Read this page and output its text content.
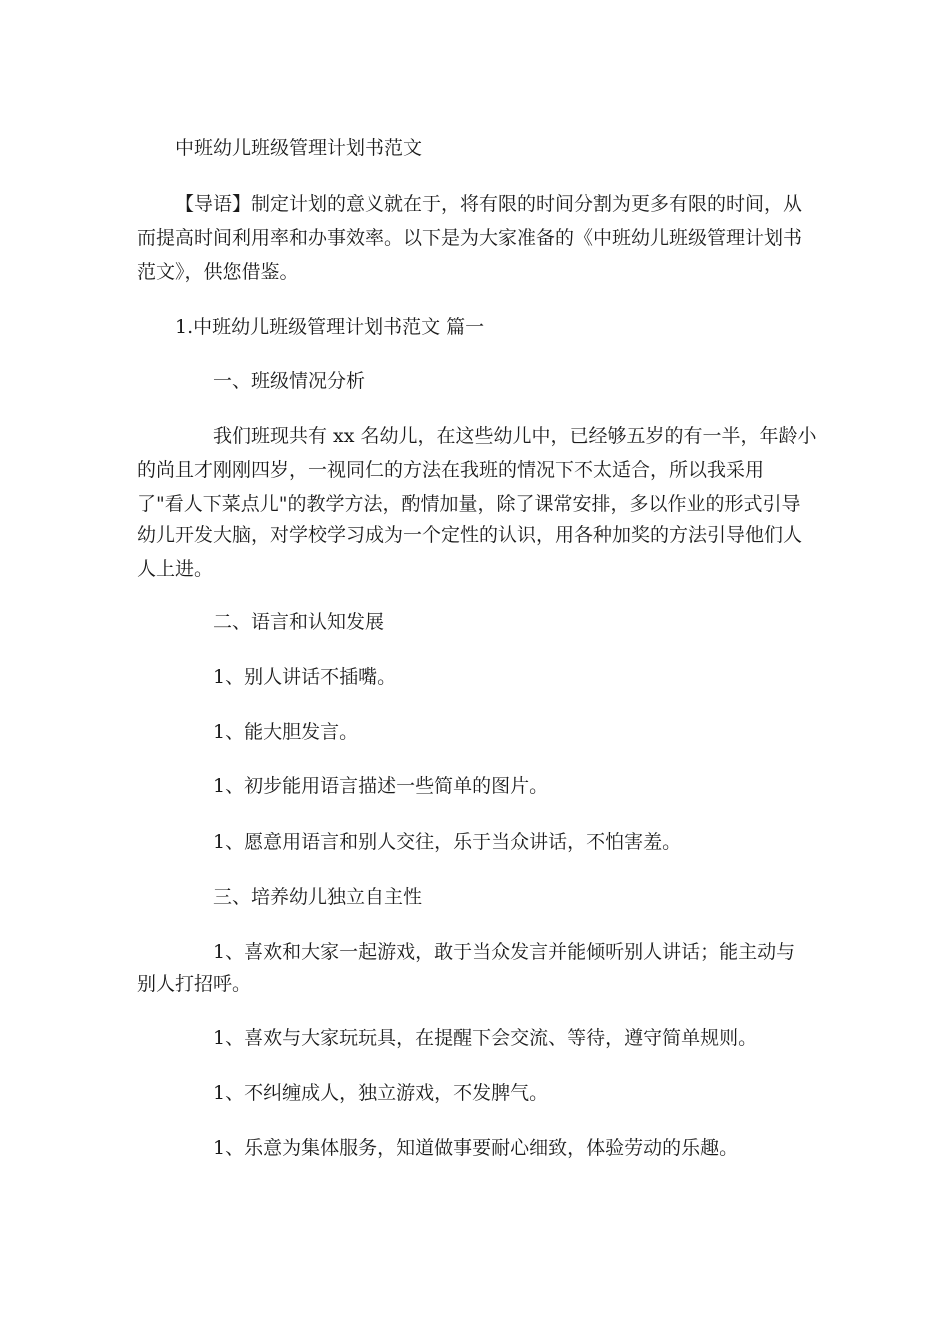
中班幼儿班级管理计划书范文

【导语】制定计划的意义就在于，将有限的时间分割为更多有限的时间，从

而提高时间利用率和办事效率。以下是为大家准备的《中班幼儿班级管理计划书

范文》，供您借鉴。

1.中班幼儿班级管理计划书范文 篇一

一、班级情况分析

我们班现共有 xx 名幼儿，在这些幼儿中，已经够五岁的有一半，年龄小

的尚且才刚刚四岁，一视同仁的方法在我班的情况下不太适合，所以我采用

了"看人下菜点儿"的教学方法，酌情加量，除了课常安排，多以作业的形式引导

幼儿开发大脑，对学校学习成为一个定性的认识，用各种加奖的方法引导他们人

人上进。

二、语言和认知发展

1、别人讲话不插嘴。

1、能大胆发言。

1、初步能用语言描述一些简单的图片。

1、愿意用语言和别人交往，乐于当众讲话，不怕害羞。

三、培养幼儿独立自主性

1、喜欢和大家一起游戏，敢于当众发言并能倾听别人讲话；能主动与

别人打招呼。

1、喜欢与大家玩玩具，在提醒下会交流、等待，遵守简单规则。

1、不纠缠成人，独立游戏，不发脾气。

1、乐意为集体服务，知道做事要耐心细致，体验劳动的乐趣。
